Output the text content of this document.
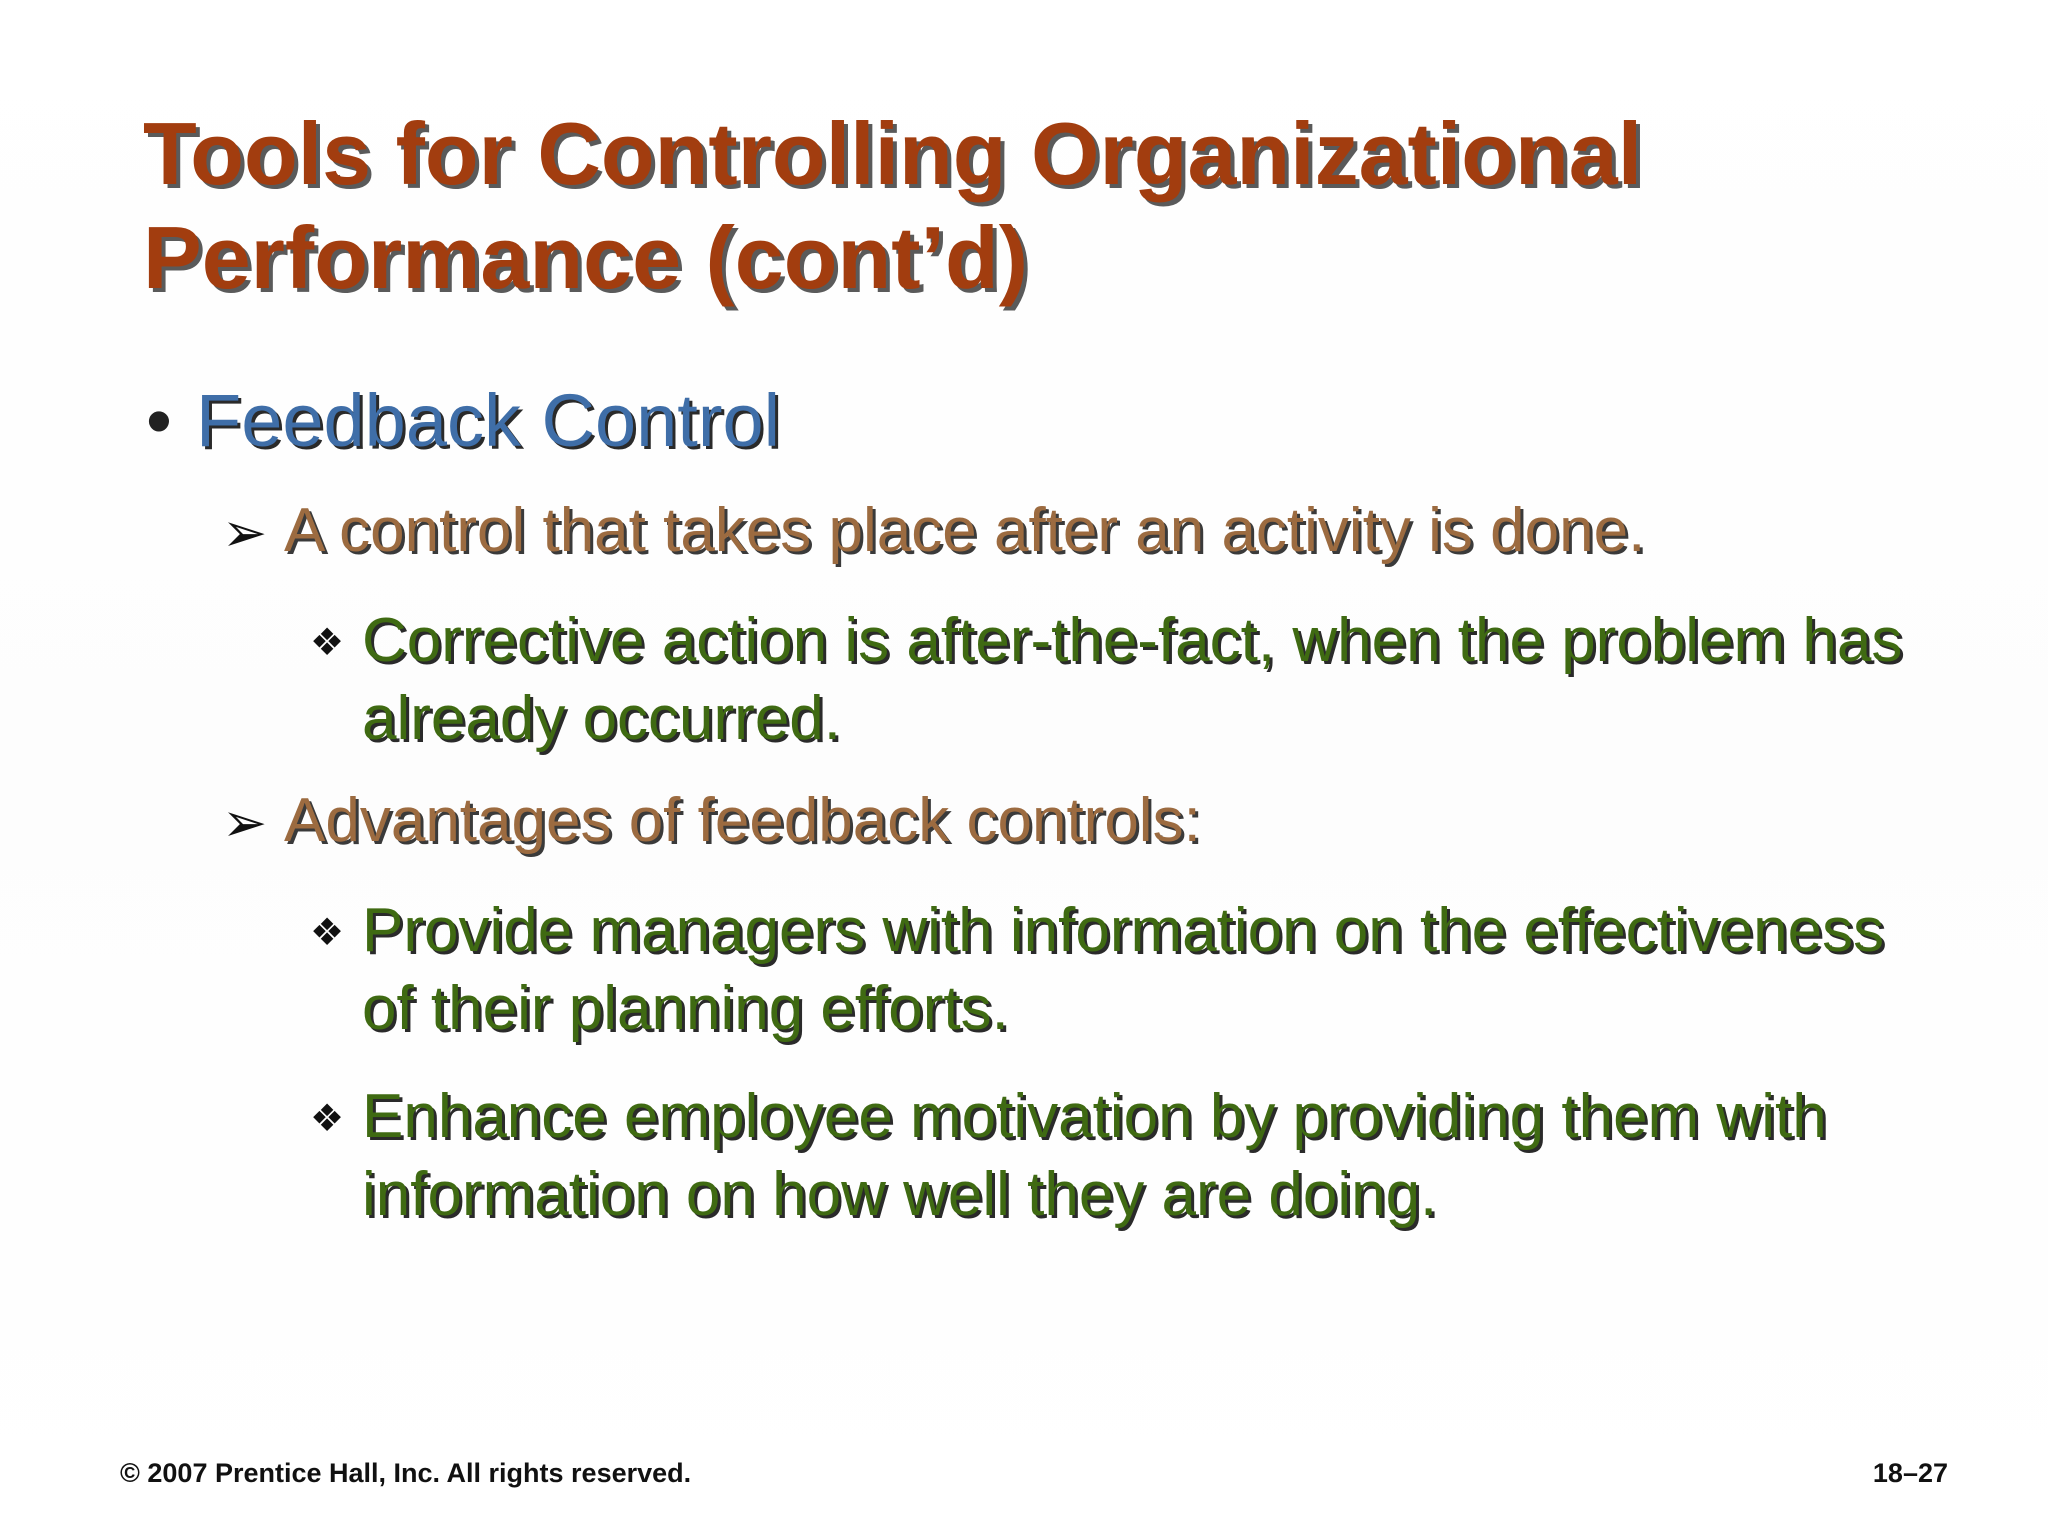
Tools for Controlling Organizational
Performance (cont’d)
• Feedback Control
➢ A control that takes place after an activity is done.
❖ Corrective action is after-the-fact, when the problem has already occurred.
➢ Advantages of feedback controls:
❖ Provide managers with information on the effectiveness of their planning efforts.
❖ Enhance employee motivation by providing them with information on how well they are doing.
© 2007 Prentice Hall, Inc. All rights reserved.	18–27
